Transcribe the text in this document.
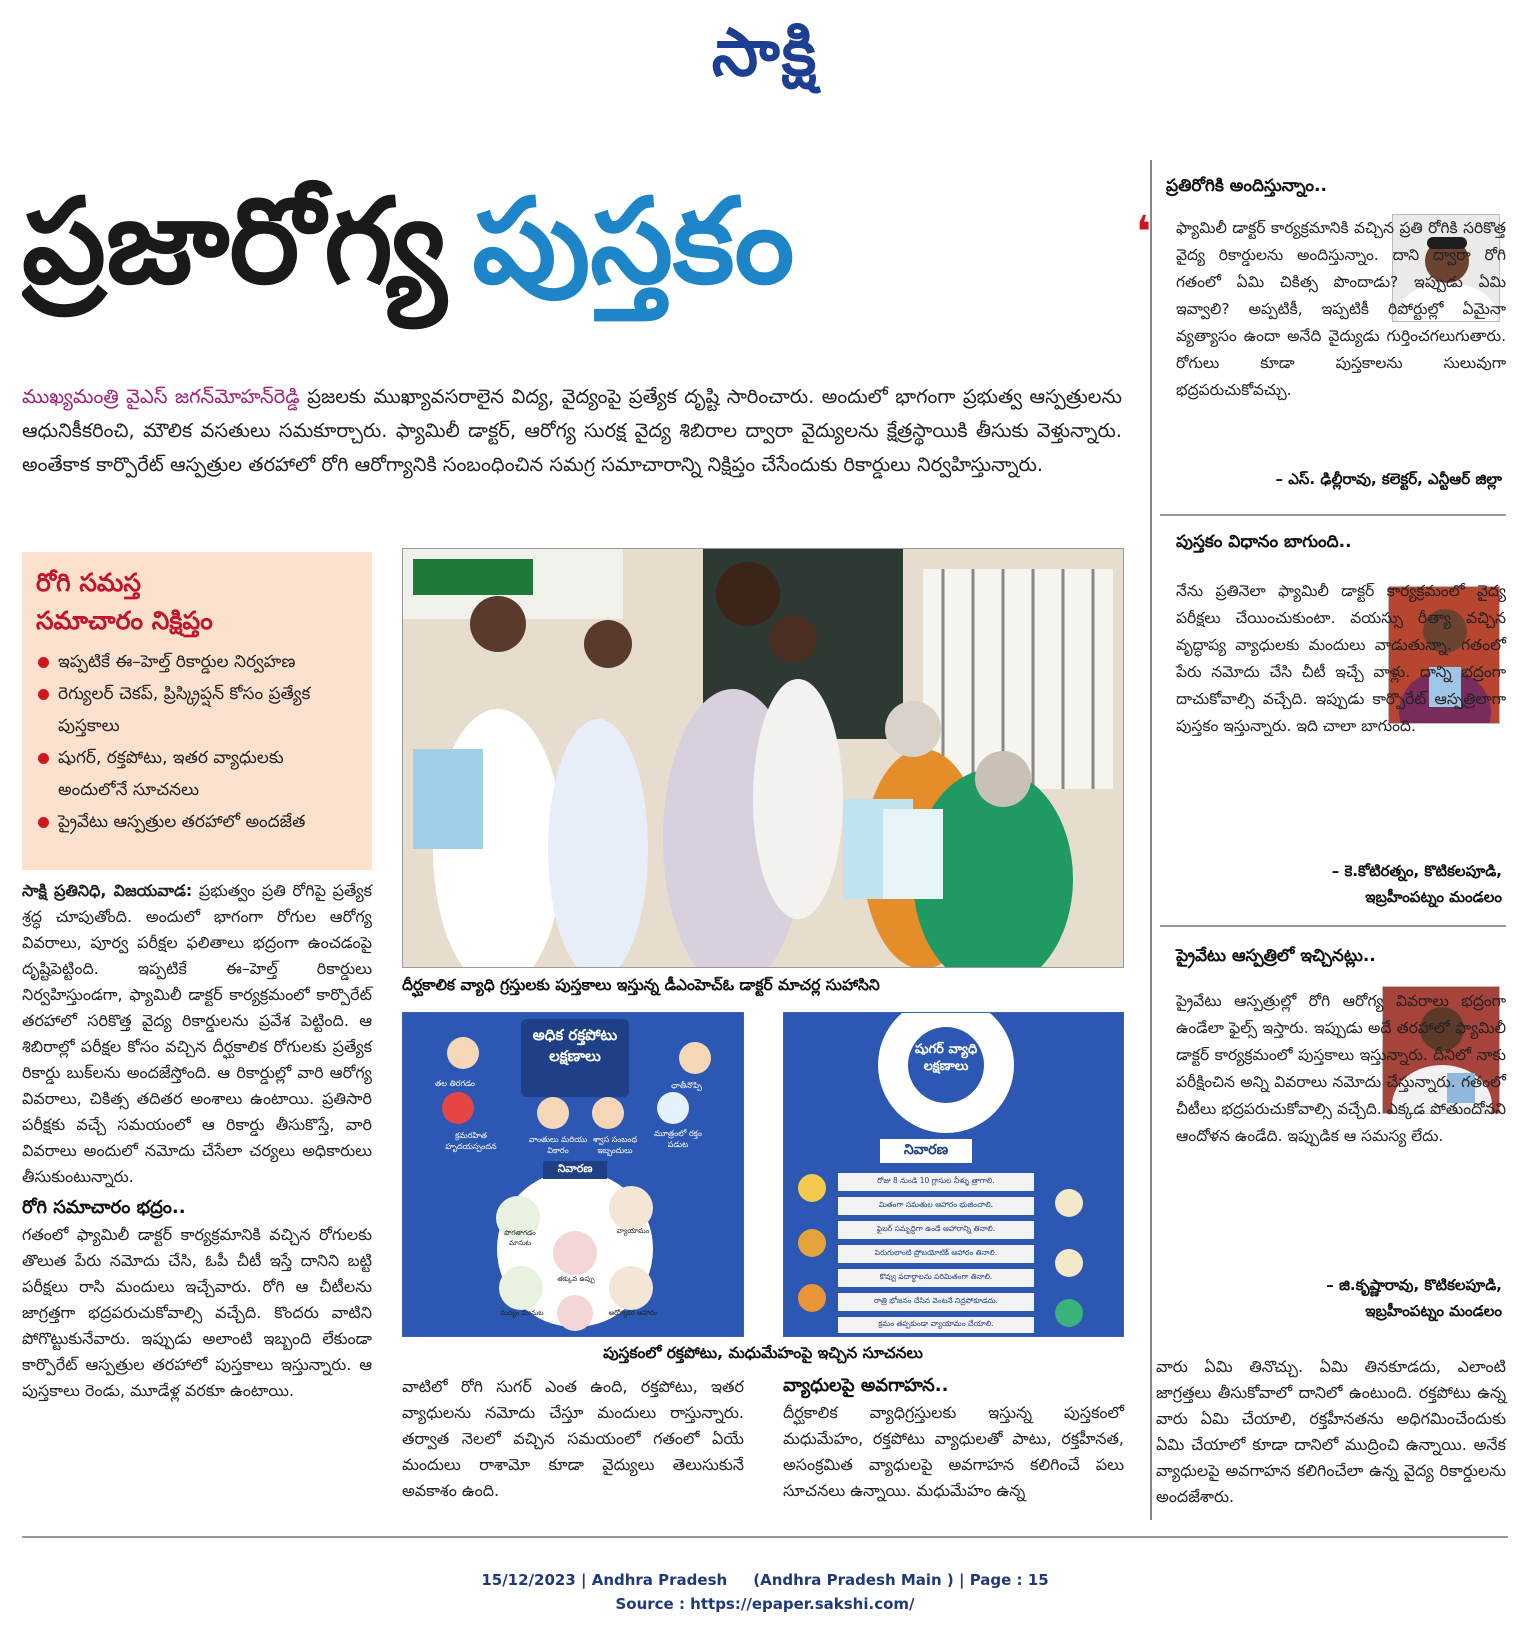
సాక్షి
ప్రజారోగ్య పుస్తకం
ముఖ్యమంత్రి వైఎస్ జగన్‌మోహన్‌రెడ్డి ప్రజలకు ముఖ్యావసరాలైన విద్య, వైద్యంపై ప్రత్యేక దృష్టి సారించారు. అందులో భాగంగా ప్రభుత్వ ఆస్పత్రులను ఆధునికీకరించి, మౌలిక వసతులు సమకూర్చారు. ఫ్యామిలీ డాక్టర్, ఆరోగ్య సురక్ష వైద్య శిబిరాల ద్వారా వైద్యులను క్షేత్రస్థాయికి తీసుకు వెళ్తున్నారు. అంతేకాక కార్పొరేట్ ఆస్పత్రుల తరహాలో రోగి ఆరోగ్యానికి సంబంధించిన సమగ్ర సమాచారాన్ని నిక్షిప్తం చేసేందుకు రికార్డులు నిర్వహిస్తున్నారు.
రోగి సమస్త
సమాచారం నిక్షిప్తం
ఇప్పటికే ఈ–హెల్త్ రికార్డుల నిర్వహణ
రెగ్యులర్ చెకప్, ప్రిస్క్రిప్షన్ కోసం ప్రత్యేక పుస్తకాలు
షుగర్, రక్తపోటు, ఇతర వ్యాధులకు అందులోనే సూచనలు
ప్రైవేటు ఆస్పత్రుల తరహాలో అందజేత

సాక్షి ప్రతినిధి, విజయవాడ: ప్రభుత్వం ప్రతి రోగిపై ప్రత్యేక శ్రద్ధ చూపుతోంది. అందులో భాగంగా రోగుల ఆరోగ్య వివరాలు, పూర్వ పరీక్షల ఫలితాలు భద్రంగా ఉంచడంపై దృష్టిపెట్టింది. ఇప్పటికే ఈ–హెల్త్ రికార్డులు నిర్వహిస్తుండగా, ఫ్యామిలీ డాక్టర్ కార్యక్రమంలో కార్పొరేట్ తరహాలో సరికొత్త వైద్య రికార్డులను ప్రవేశ పెట్టింది. ఆ శిబిరాల్లో పరీక్షల కోసం వచ్చిన దీర్ఘకాలిక రోగులకు ప్రత్యేక రికార్డు బుక్‌లను అందజేస్తోంది. ఆ రికార్డుల్లో వారి ఆరోగ్య వివరాలు, చికిత్స తదితర అంశాలు ఉంటాయి. ప్రతిసారి పరీక్షకు వచ్చే సమయంలో ఆ రికార్డు తీసుకొస్తే, వారి వివరాలు అందులో నమోదు చేసేలా చర్యలు అధికారులు తీసుకుంటున్నారు.

రోగి సమాచారం భద్రం..

గతంలో ఫ్యామిలీ డాక్టర్ కార్యక్రమానికి వచ్చిన రోగులకు తొలుత పేరు నమోదు చేసి, ఓపీ చీటీ ఇస్తే దానిని బట్టి పరీక్షలు రాసి మందులు ఇచ్చేవారు. రోగి ఆ చీటీలను జాగ్రత్తగా భద్రపరుచుకోవాల్సి వచ్చేది. కొందరు వాటిని పోగొట్టుకునేవారు. ఇప్పుడు అలాంటి ఇబ్బంది లేకుండా కార్పొరేట్ ఆస్పత్రుల తరహాలో పుస్తకాలు ఇస్తున్నారు. ఆ పుస్తకాలు రెండు, మూడేళ్ల వరకూ ఉంటాయి.

దీర్ఘకాలిక వ్యాధి గ్రస్తులకు పుస్తకాలు ఇస్తున్న డీఎంహెచ్ఓ డాక్టర్ మాచర్ల సుహాసిని
అధిక రక్తపోటు లక్షణాలు
తల తిరగడం	ఛాతీనొప్పి
క్రమరహిత హృదయస్పందన
వాంతులు మరియు వికారం
శ్వాస సంబంధ ఇబ్బందులు
మూత్రంలో రక్తం పడుట
నివారణ
పొగతాగడం మానుట
వ్యాయామం
తక్కువ ఉప్పు
ఆరోగ్యకర ఆహారం
మద్యం మానుట
షుగర్ వ్యాధి లక్షణాలు
నివారణ
రోజు 8 నుండి 10 గ్లాసుల నీళ్ళు త్రాగాలి.
మితంగా సమతుల ఆహారం భుజించాలి.
ఫైబర్ సమృద్ధిగా ఉండే ఆహారాన్ని తినాలి.
పెరుగులాంటి ప్రోబయోటిక్ ఆహారం తినాలి.
కొవ్వు పదార్థాలను పరిమితంగా తినాలి.
రాత్రి భోజనం చేసిన వెంటనే నిద్రపోకూడదు.
క్రమం తప్పకుండా వ్యాయామం చేయాలి.
పుస్తకంలో రక్తపోటు, మధుమేహంపై ఇచ్చిన సూచనలు

వాటిలో రోగి సుగర్ ఎంత ఉంది, రక్తపోటు, ఇతర వ్యాధులను నమోదు చేస్తూ మందులు రాస్తున్నారు. తర్వాత నెలలో వచ్చిన సమయంలో గతంలో ఏయే మందులు రాశామో కూడా వైద్యులు తెలుసుకునే అవకాశం ఉంది.

వ్యాధులపై అవగాహన..

దీర్ఘకాలిక వ్యాధిగ్రస్తులకు ఇస్తున్న పుస్తకంలో మధుమేహం, రక్తపోటు వ్యాధులతో పాటు, రక్తహీనత, అసంక్రమిత వ్యాధులపై అవగాహన కలిగించే పలు సూచనలు ఉన్నాయి. మధుమేహం ఉన్న

ప్రతిరోగికి అందిస్తున్నాం..
❛ ఫ్యామిలీ డాక్టర్ కార్యక్రమానికి వచ్చిన ప్రతి రోగికి సరికొత్త వైద్య రికార్డులను అందిస్తున్నాం. దాని ద్వారా రోగి గతంలో ఏమి చికిత్స పొందాడు? ఇప్పుడు ఏమి ఇవ్వాలి? అప్పటికీ, ఇప్పటికీ రిపోర్టుల్లో ఏమైనా వ్యత్యాసం ఉందా అనేది వైద్యుడు గుర్తించగలుగుతారు. రోగులు కూడా పుస్తకాలను సులువుగా భద్రపరుచుకోవచ్చు.

– ఎస్. ఢిల్లీరావు, కలెక్టర్, ఎన్టీఆర్ జిల్లా
పుస్తకం విధానం బాగుంది..

నేను ప్రతినెలా ఫ్యామిలీ డాక్టర్ కార్యక్రమంలో వైద్య పరీక్షలు చేయించుకుంటా. వయస్సు రీత్యా వచ్చిన వృద్ధాప్య వ్యాధులకు మందులు వాడుతున్నా. గతంలో పేరు నమోదు చేసి చీటీ ఇచ్చే వాళ్లు. దాన్ని భద్రంగా దాచుకోవాల్సి వచ్చేది. ఇప్పుడు కార్పొరేట్ ఆస్పత్రిలాగా పుస్తకం ఇస్తున్నారు. ఇది చాలా బాగుంది.

– కె.కోటిరత్నం, కొటికలపూడి,
ఇబ్రహీంపట్నం మండలం
ప్రైవేటు ఆస్పత్రిలో ఇచ్చినట్లు..

ప్రైవేటు ఆస్పత్రుల్లో రోగి ఆరోగ్య వివరాలు భద్రంగా ఉండేలా ఫైల్స్ ఇస్తారు. ఇప్పుడు అదే తరహాలో ఫ్యామిలీ డాక్టర్ కార్యక్రమంలో పుస్తకాలు ఇస్తున్నారు. దీనిలో నాకు పరీక్షించిన అన్ని వివరాలు నమోదు చేస్తున్నారు. గతంలో చీటీలు భద్రపరుచుకోవాల్సి వచ్చేది. ఎక్కడ పోతుందోనని ఆందోళన ఉండేది. ఇప్పుడిక ఆ సమస్య లేదు.

– జి.కృష్ణారావు, కొటికలపూడి,
ఇబ్రహీంపట్నం మండలం

వారు ఏమి తినొచ్చు. ఏమి తినకూడదు, ఎలాంటి జాగ్రత్తలు తీసుకోవాలో దానిలో ఉంటుంది. రక్తపోటు ఉన్న వారు ఏమి చేయాలి, రక్తహీనతను అధిగమించేందుకు ఏమి చేయాలో కూడా దానిలో ముద్రించి ఉన్నాయి. అనేక వ్యాధులపై అవగాహన కలిగించేలా ఉన్న వైద్య రికార్డులను అందజేశారు.

15/12/2023 | Andhra Pradesh     (Andhra Pradesh Main ) | Page : 15
Source : https://epaper.sakshi.com/
